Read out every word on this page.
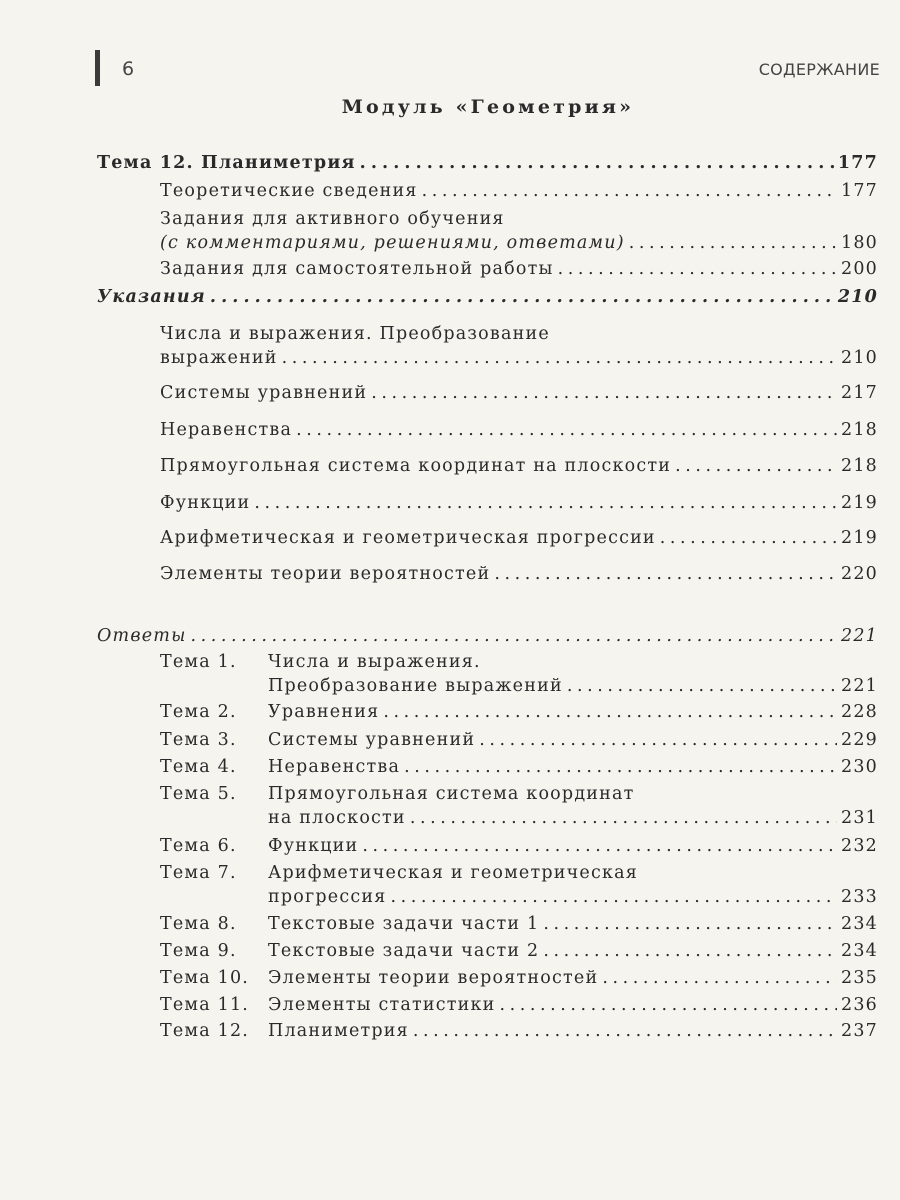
6	СОДЕРЖАНИЕ
Модуль «Геометрия»
Тема 12. Планиметрия . . .	177
Теоретические сведения . . .	177
Задания для активного обучения
(с комментариями, решениями, ответами) . . .	180
Задания для самостоятельной работы . . .	200
Указания . . .	210
Числа и выражения. Преобразование
выражений . . .	210
Системы уравнений . . .	217
Неравенства . . .	218
Прямоугольная система координат на плоскости . . .	218
Функции . . .	219
Арифметическая и геометрическая прогрессии . . .	219
Элементы теории вероятностей . . .	220
Ответы . . .	221
Тема 1.	Числа и выражения.
Преобразование выражений . . .	221
Тема 2.	Уравнения . . .	228
Тема 3.	Системы уравнений . . .	229
Тема 4.	Неравенства . . .	230
Тема 5.	Прямоугольная система координат
на плоскости . . .	231
Тема 6.	Функции . . .	232
Тема 7.	Арифметическая и геометрическая
прогрессия . . .	233
Тема 8.	Текстовые задачи части 1 . . .	234
Тема 9.	Текстовые задачи части 2 . . .	234
Тема 10.	Элементы теории вероятностей . . .	235
Тема 11.	Элементы статистики . . .	236
Тема 12.	Планиметрия . . .	237
